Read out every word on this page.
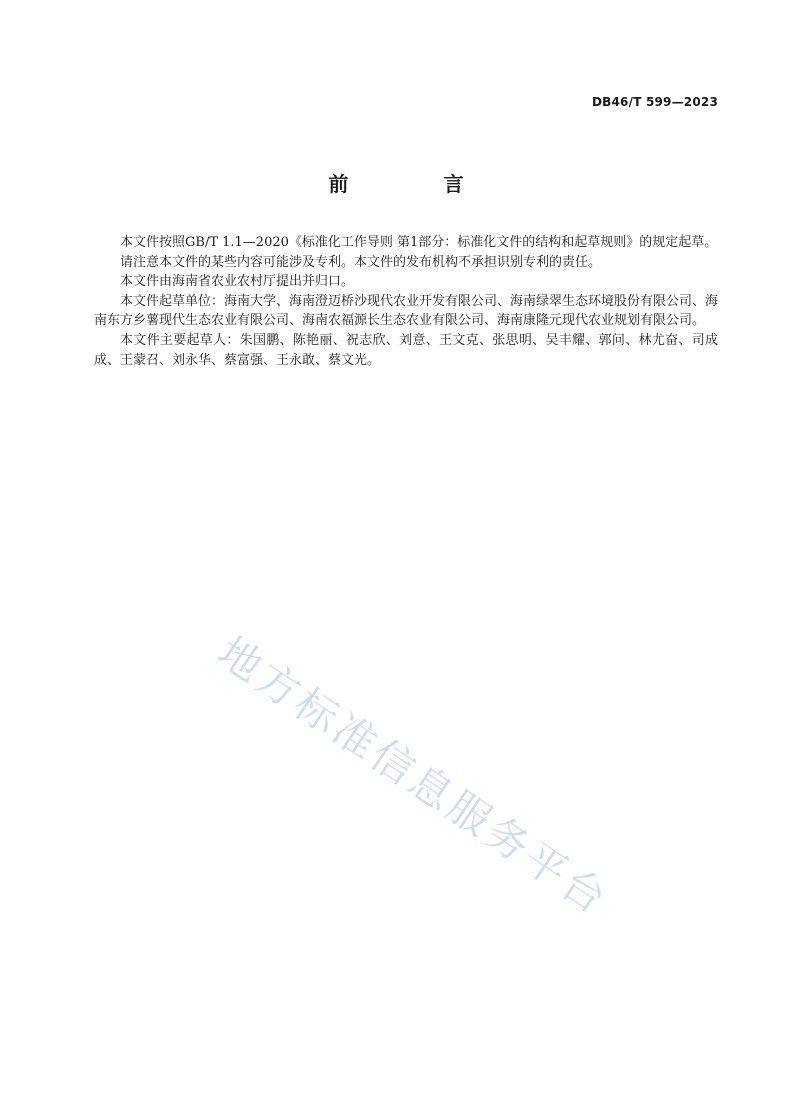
DB46/T 599—2023
前 言

本文件按照GB/T 1.1—2020《标准化工作导则 第1部分：标准化文件的结构和起草规则》的规定起草。

请注意本文件的某些内容可能涉及专利。本文件的发布机构不承担识别专利的责任。

本文件由海南省农业农村厅提出并归口。

本文件起草单位：海南大学、海南澄迈桥沙现代农业开发有限公司、海南绿翠生态环境股份有限公司、海南东方乡薯现代生态农业有限公司、海南农福源长生态农业有限公司、海南康隆元现代农业规划有限公司。

本文件主要起草人：朱国鹏、陈艳丽、祝志欣、刘意、王文克、张思明、吴丰耀、郭问、林尤奋、司成成、王蒙召、刘永华、蔡富强、王永敢、蔡文光。

地方标准信息服务平台
